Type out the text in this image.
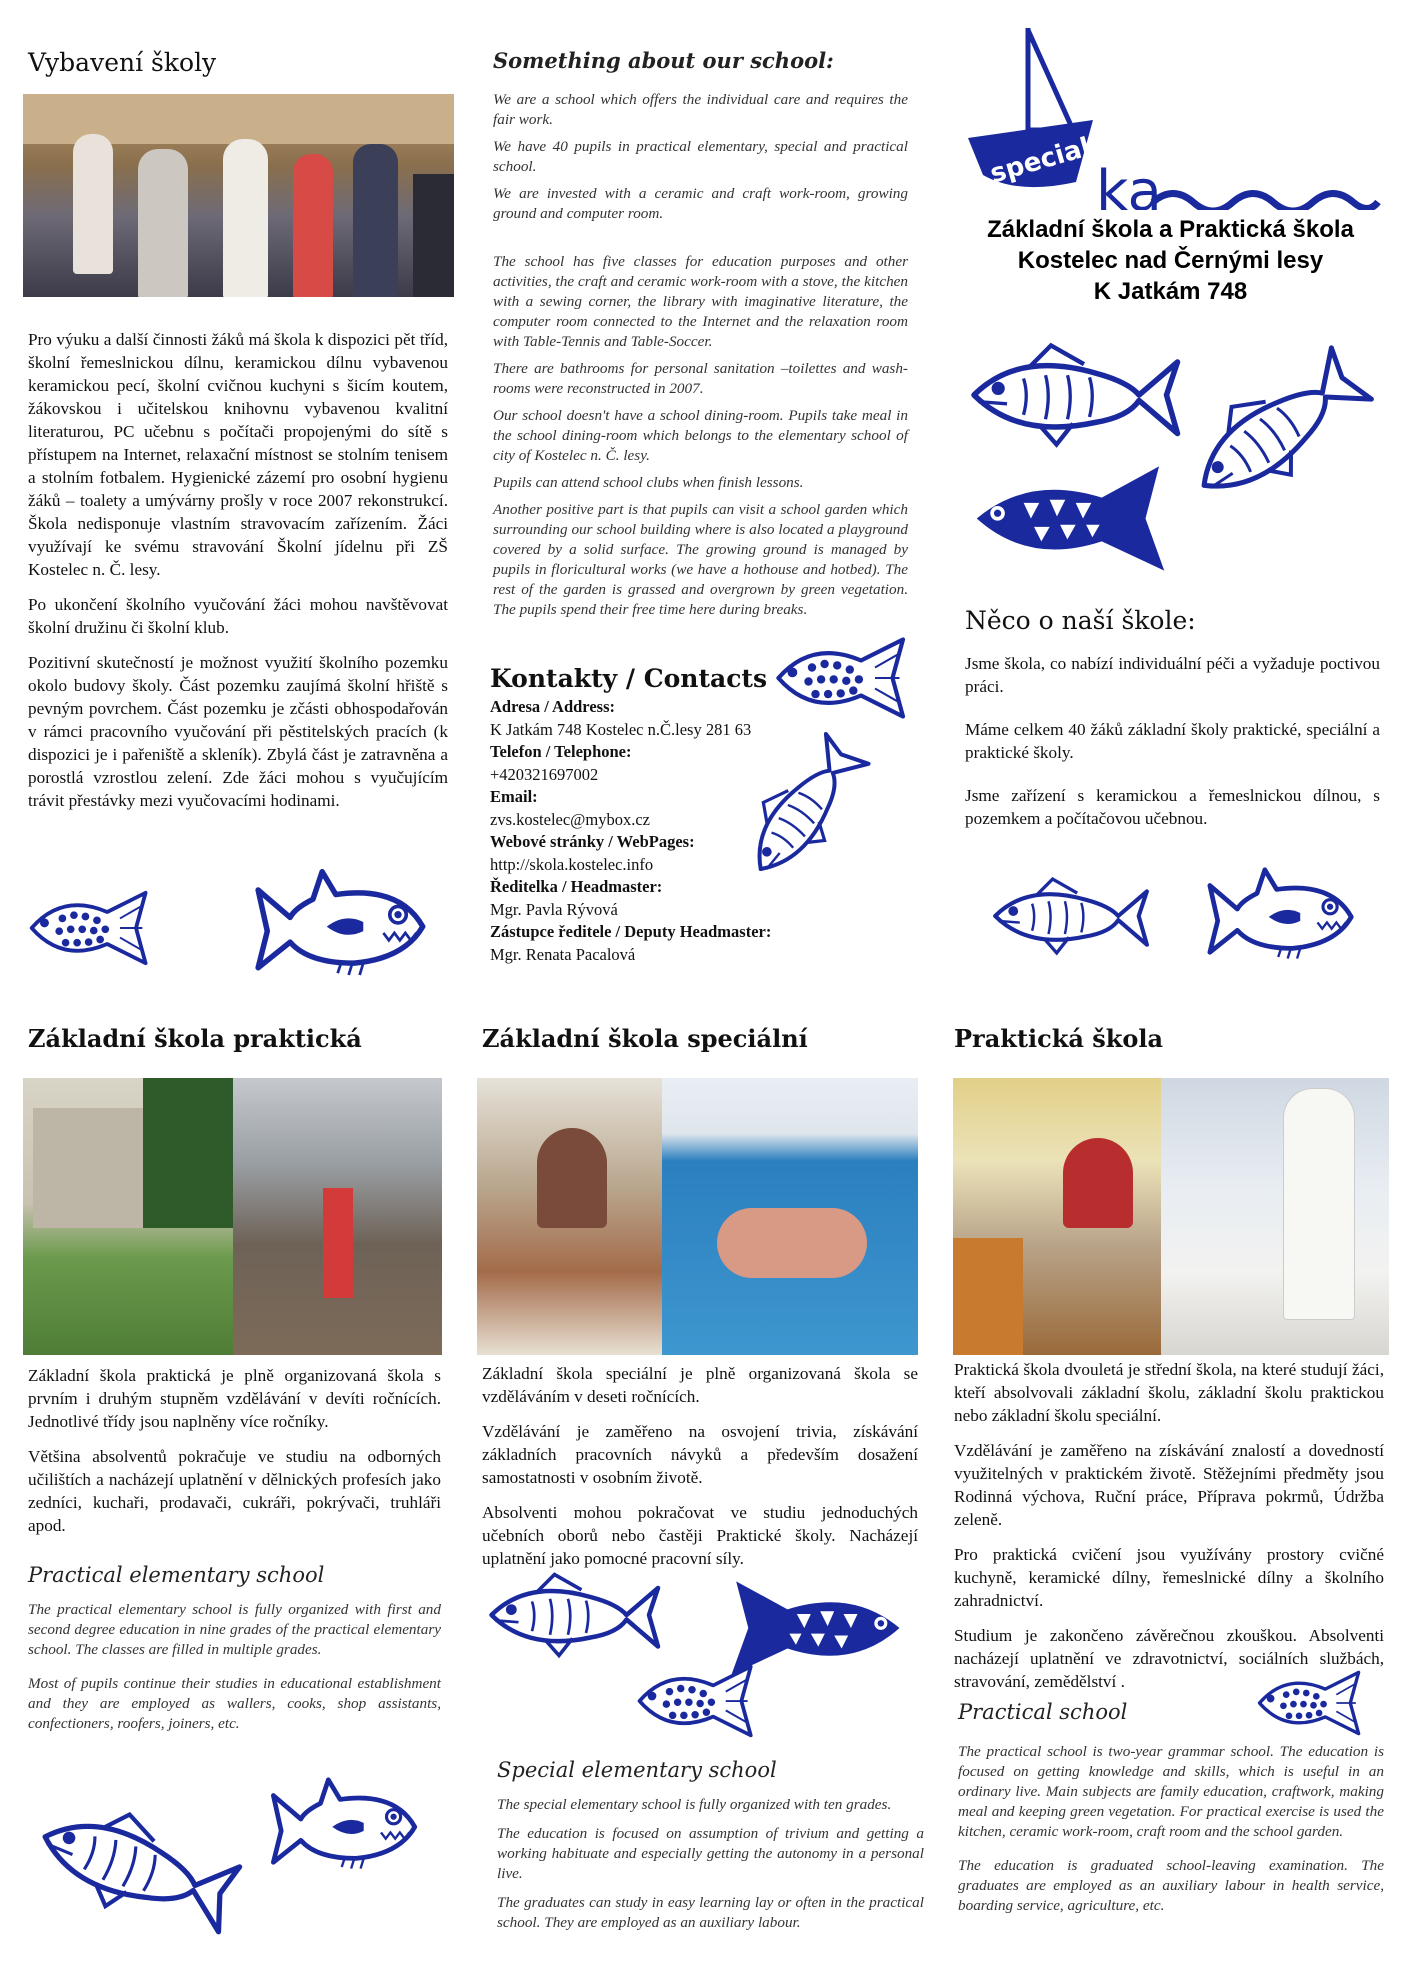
Vybavení školy

Pro výuku a další činnosti žáků má škola k dispozici pět tříd, školní řemeslnickou dílnu, keramickou dílnu vybavenou keramickou pecí, školní cvičnou kuchyni s šicím koutem, žákovskou i učitelskou knihovnu vybavenou kvalitní literaturou, PC učebnu s počítači propojenými do sítě s přístupem na Internet, relaxační místnost se stolním tenisem a stolním fotbalem. Hygienické zázemí pro osobní hygienu žáků – toalety a umývárny prošly v roce 2007 rekonstrukcí. Škola nedisponuje vlastním stravovacím zařízením. Žáci využívají ke svému stravování Školní jídelnu při ZŠ Kostelec n. Č. lesy.

Po ukončení školního vyučování žáci mohou navštěvovat školní družinu či školní klub.

Pozitivní skutečností je možnost využití školního pozemku okolo budovy školy. Část pozemku zaujímá školní hřiště s pevným povrchem. Část pozemku je zčásti obhospodařován v rámci pracovního vyučování při pěstitelských pracích (k dispozici je i pařeniště a skleník). Zbylá část je zatravněna a porostlá vzrostlou zelení. Zde žáci mohou s vyučujícím trávit přestávky mezi vyučovacími hodinami.

Something about our school:

We are a school which offers the individual care and requires the fair work.

We have 40 pupils in practical elementary, special and practical school.

We are invested with a ceramic and craft work-room, growing ground and computer room.

The school has five classes for education purposes and other activities, the craft and ceramic work-room with a stove, the kitchen with a sewing corner, the library with imaginative literature, the computer room connected to the Internet and the relaxation room with Table-Tennis and Table-Soccer.

There are bathrooms for personal sanitation –toilettes and wash-rooms were reconstructed in 2007.

Our school doesn't have a school dining-room. Pupils take meal in the school dining-room which belongs to the elementary school of city of Kostelec n. Č. lesy.

Pupils can attend school clubs when finish lessons.

Another positive part is that pupils can visit a school garden which surrounding our school building where is also located a playground covered by a solid surface. The growing ground is managed by pupils in floricultural works (we have a hothouse and hotbed). The rest of the garden is grassed and overgrown by green vegetation. The pupils spend their free time here during breaks.

Kontakty / Contacts
Adresa / Address:
K Jatkám 748 Kostelec n.Č.lesy 281 63
Telefon / Telephone:
+420321697002
Email:
zvs.kostelec@mybox.cz
Webové stránky / WebPages:
http://skola.kostelec.info
Ředitelka / Headmaster:
Mgr. Pavla Rývová
Zástupce ředitele / Deputy Headmaster:
Mgr. Renata Pacalová
special ka
Základní škola a Praktická škola
Kostelec nad Černými lesy
K Jatkám 748
Něco o naší škole:

Jsme škola, co nabízí individuální péči a vyžaduje poctivou práci.

Máme celkem 40 žáků základní školy praktické, speciální a praktické školy.

Jsme zařízení s keramickou a řemeslnickou dílnou, s pozemkem a počítačovou učebnou.

Základní škola praktická

Základní škola praktická je plně organizovaná škola s prvním i druhým stupněm vzdělávání v devíti ročnících. Jednotlivé třídy jsou naplněny více ročníky.

Většina absolventů pokračuje ve studiu na odborných učilištích a nacházejí uplatnění v dělnických profesích jako zedníci, kuchaři, prodavači, cukráři, pokrývači, truhláři apod.

Practical elementary school

The practical elementary school is fully organized with first and second degree education in nine grades of the practical elementary school. The classes are filled in multiple grades.

Most of pupils continue their studies in educational establishment and they are employed as wallers, cooks, shop assistants, confectioners, roofers, joiners, etc.

Základní škola speciální

Základní škola speciální je plně organizovaná škola se vzděláváním v deseti ročnících.

Vzdělávání je zaměřeno na osvojení trivia, získávání základních pracovních návyků a především dosažení samostatnosti v osobním životě.

Absolventi mohou pokračovat ve studiu jednoduchých učebních oborů nebo častěji Praktické školy. Nacházejí uplatnění jako pomocné pracovní síly.

Special elementary school

The special elementary school is fully organized with ten grades.

The education is focused on assumption of trivium and getting a working habituate and especially getting the autonomy in a personal live.

The graduates can study in easy learning lay or often in the practical school. They are employed as an auxiliary labour.

Praktická škola

Praktická škola dvouletá je střední škola, na které studují žáci, kteří absolvovali základní školu, základní školu praktickou nebo základní školu speciální.

Vzdělávání je zaměřeno na získávání znalostí a dovedností využitelných v praktickém životě. Stěžejními předměty jsou Rodinná výchova, Ruční práce, Příprava pokrmů, Údržba zeleně.

Pro praktická cvičení jsou využívány prostory cvičné kuchyně, keramické dílny, řemeslnické dílny a školního zahradnictví.

Studium je zakončeno závěrečnou zkouškou. Absolventi nacházejí uplatnění ve zdravotnictví, sociálních službách, stravování, zemědělství .

Practical school

The practical school is two-year grammar school. The education is focused on getting knowledge and skills, which is useful in an ordinary live. Main subjects are family education, craftwork, making meal and keeping green vegetation. For practical exercise is used the kitchen, ceramic work-room, craft room and the school garden.

The education is graduated school-leaving examination. The graduates are employed as an auxiliary labour in health service, boarding service, agriculture, etc.
